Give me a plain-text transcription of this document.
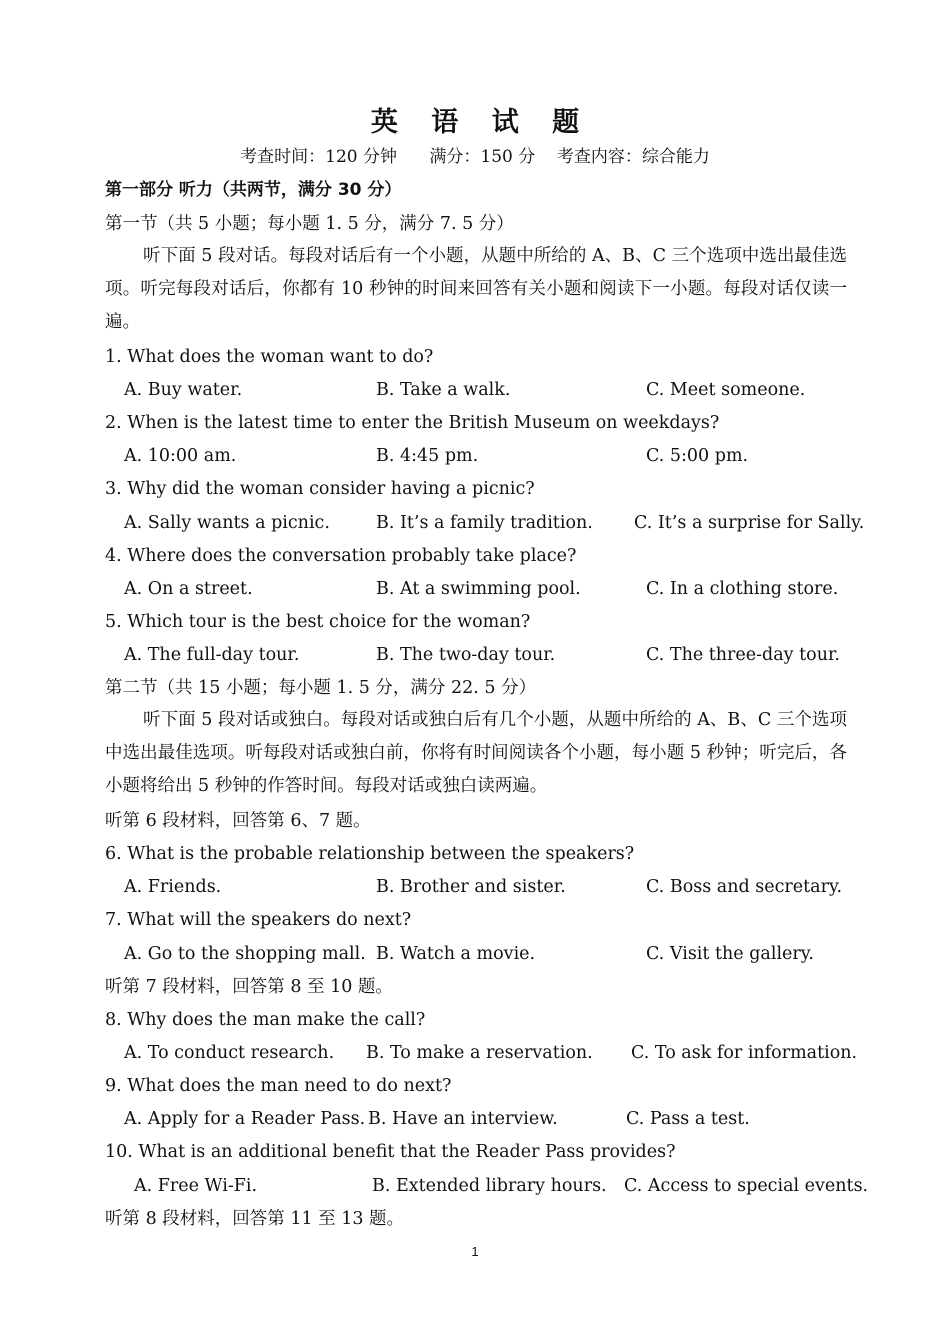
英 语 试 题
考查时间：120 分钟      满分：150 分    考查内容：综合能力
第一部分 听力（共两节，满分 30 分）
第一节（共 5 小题；每小题 1. 5 分，满分 7. 5 分）
听下面 5 段对话。每段对话后有一个小题，从题中所给的 A、B、C 三个选项中选出最佳选项。听完每段对话后，你都有 10 秒钟的时间来回答有关小题和阅读下一小题。每段对话仅读一遍。
1. What does the woman want to do?
A. Buy water.	B. Take a walk.	C. Meet someone.
2. When is the latest time to enter the British Museum on weekdays?
A. 10:00 am.	B. 4:45 pm.	C. 5:00 pm.
3. Why did the woman consider having a picnic?
A. Sally wants a picnic.	B. It’s a family tradition. C. It’s a surprise for Sally.
4. Where does the conversation probably take place?
A. On a street.	B. At a swimming pool.	C. In a clothing store.
5. Which tour is the best choice for the woman?
A. The full-day tour.	B. The two-day tour.	C. The three-day tour.
第二节（共 15 小题；每小题 1. 5 分，满分 22. 5 分）
听下面 5 段对话或独白。每段对话或独白后有几个小题，从题中所给的 A、B、C 三个选项中选出最佳选项。听每段对话或独白前，你将有时间阅读各个小题，每小题 5 秒钟；听完后，各小题将给出 5 秒钟的作答时间。每段对话或独白读两遍。
听第 6 段材料，回答第 6、7 题。
6. What is the probable relationship between the speakers?
A. Friends.	B. Brother and sister.	C. Boss and secretary.
7. What will the speakers do next?
A. Go to the shopping mall. B. Watch a movie.	C. Visit the gallery.
听第 7 段材料，回答第 8 至 10 题。
8. Why does the man make the call?
A. To conduct research. B. To make a reservation. C. To ask for information.
9. What does the man need to do next?
A. Apply for a Reader Pass. B. Have an interview.	C. Pass a test.
10. What is an additional benefit that the Reader Pass provides?
A. Free Wi-Fi.	B. Extended library hours. C. Access to special events.
听第 8 段材料，回答第 11 至 13 题。
1
